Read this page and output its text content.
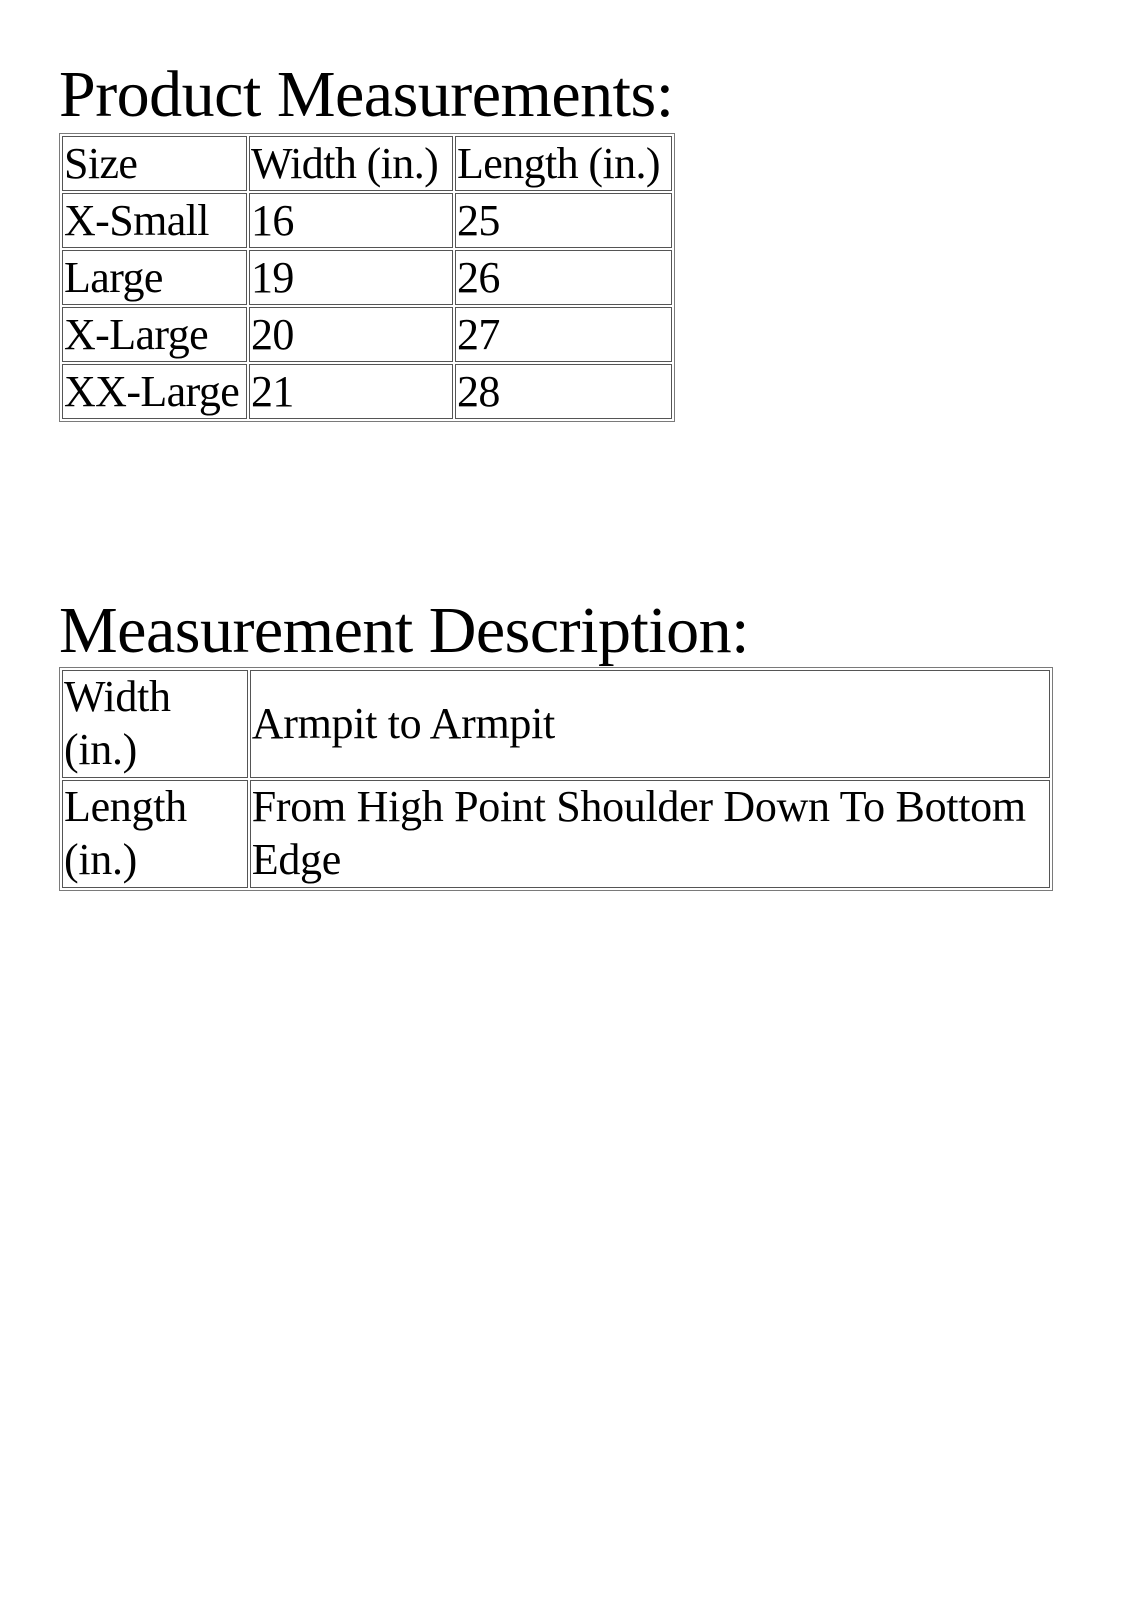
Product Measurements:
Size	Width (in.)	Length (in.)
X-Small	16	25
Large	19	26
X-Large	20	27
XX-Large	21	28
Measurement Description:
Width (in.)	Armpit to Armpit
Length (in.)	From High Point Shoulder Down To Bottom Edge
